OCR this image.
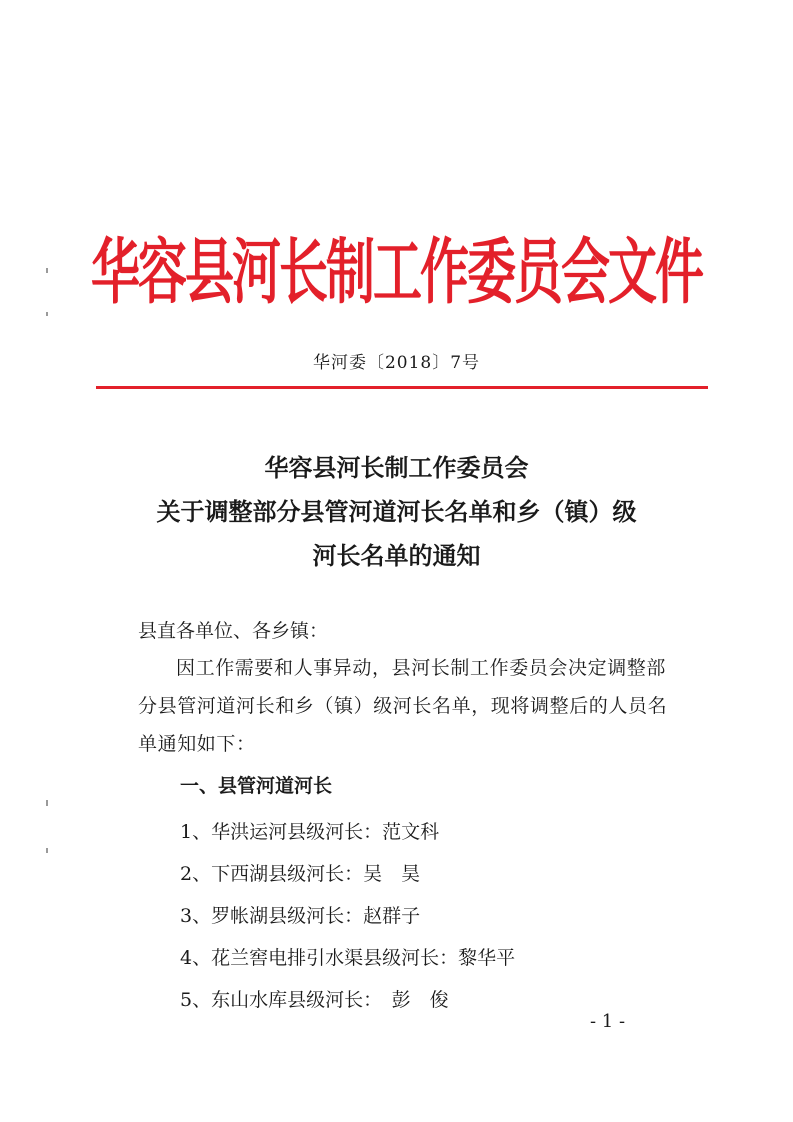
华容县河长制工作委员会文件
华河委〔2018〕7号
华容县河长制工作委员会
关于调整部分县管河道河长名单和乡（镇）级
河长名单的通知
县直各单位、各乡镇：
因工作需要和人事异动，县河长制工作委员会决定调整部分县管河道河长和乡（镇）级河长名单，现将调整后的人员名单通知如下：
一、县管河道河长
1、华洪运河县级河长：范文科
2、下西湖县级河长：吴　昊
3、罗帐湖县级河长：赵群子
4、花兰窖电排引水渠县级河长：黎华平
5、东山水库县级河长：　彭　俊
- 1 -
